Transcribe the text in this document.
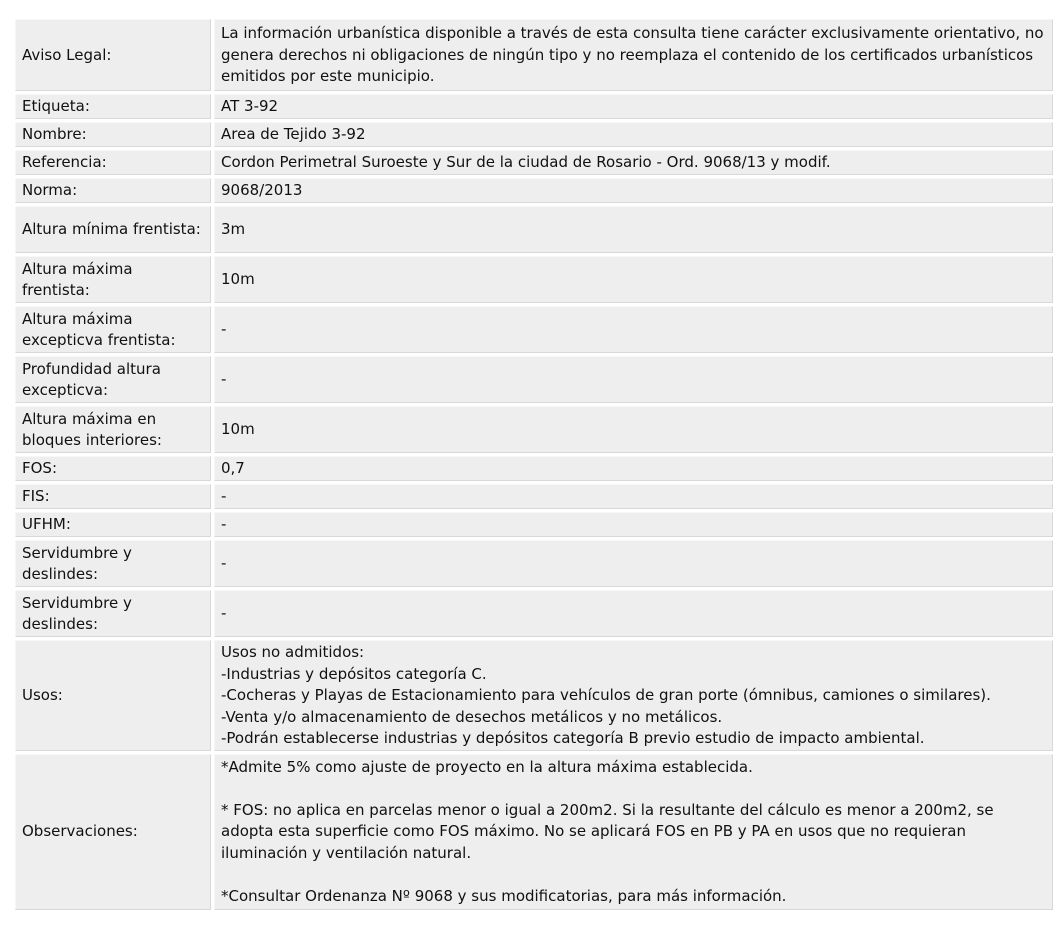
Aviso Legal:	La información urbanística disponible a través de esta consulta tiene carácter exclusivamente orientativo, no genera derechos ni obligaciones de ningún tipo y no reemplaza el contenido de los certificados urbanísticos emitidos por este municipio.
Etiqueta:	AT 3-92
Nombre:	Area de Tejido 3-92
Referencia:	Cordon Perimetral Suroeste y Sur de la ciudad de Rosario - Ord. 9068/13 y modif.
Norma:	9068/2013
Altura mínima frentista:	3m
Altura máxima frentista:	10m
Altura máxima excepticva frentista:	-
Profundidad altura excepticva:	-
Altura máxima en bloques interiores:	10m
FOS:	0,7
FIS:	-
UFHM:	-
Servidumbre y deslindes:	-
Servidumbre y deslindes:	-
Usos:	Usos no admitidos:
-Industrias y depósitos categoría C.
-Cocheras y Playas de Estacionamiento para vehículos de gran porte (ómnibus, camiones o similares).
-Venta y/o almacenamiento de desechos metálicos y no metálicos.
-Podrán establecerse industrias y depósitos categoría B previo estudio de impacto ambiental.

Observaciones:	*Admite 5% como ajuste de proyecto en la altura máxima establecida.
* FOS: no aplica en parcelas menor o igual a 200m2. Si la resultante del cálculo es menor a 200m2, se adopta esta superficie como FOS máximo. No se aplicará FOS en PB y PA en usos que no requieran iluminación y ventilación natural.
*Consultar Ordenanza Nº 9068 y sus modificatorias, para más información.
